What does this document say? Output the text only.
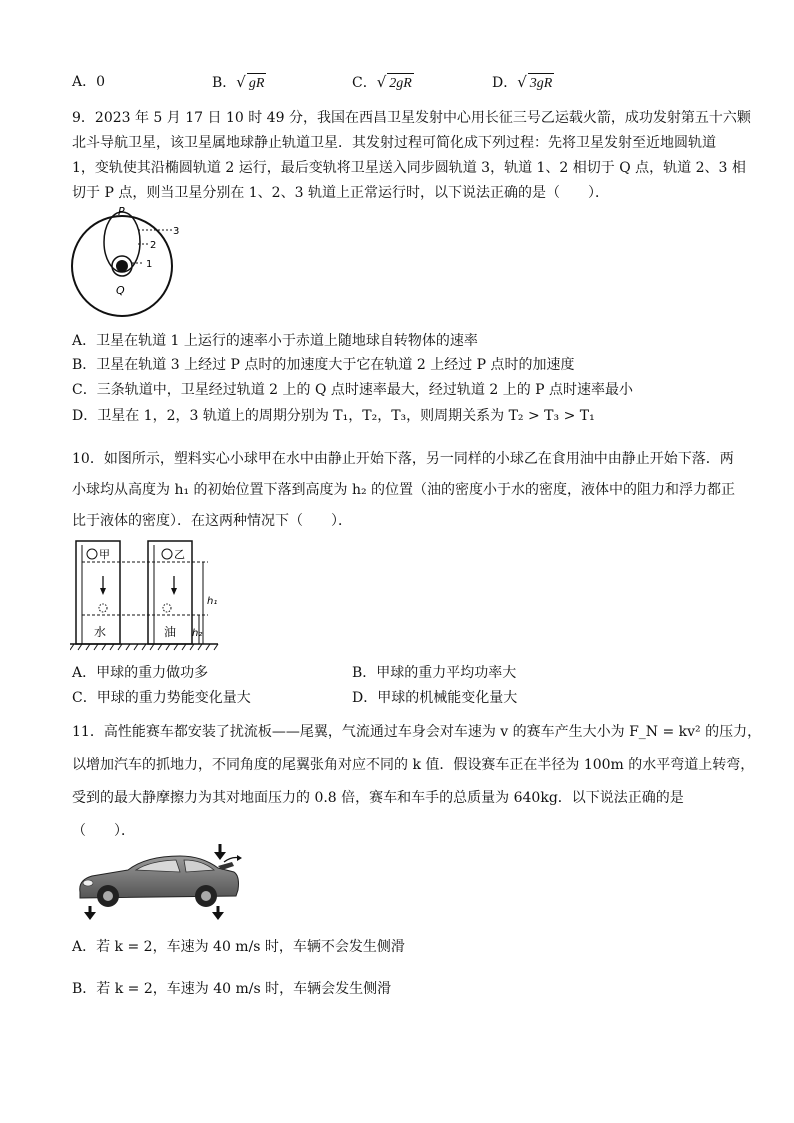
A．0	B．√ gR	C．√ 2gR	D．√ 3gR
9．2023 年 5 月 17 日 10 时 49 分，我国在西昌卫星发射中心用长征三号乙运载火箭，成功发射第五十六颗
北斗导航卫星，该卫星属地球静止轨道卫星．其发射过程可简化成下列过程：先将卫星发射至近地圆轨道
1，变轨使其沿椭圆轨道 2 运行，最后变轨将卫星送入同步圆轨道 3，轨道 1、2 相切于 Q 点，轨道 2、3 相
切于 P 点，则当卫星分别在 1、2、3 轨道上正常运行时，以下说法正确的是（　　）．
P
Q
3
2
1
A．卫星在轨道 1 上运行的速率小于赤道上随地球自转物体的速率
B．卫星在轨道 3 上经过 P 点时的加速度大于它在轨道 2 上经过 P 点时的加速度
C．三条轨道中，卫星经过轨道 2 上的 Q 点时速率最大，经过轨道 2 上的 P 点时速率最小
D．卫星在 1，2，3 轨道上的周期分别为 T₁，T₂，T₃，则周期关系为 T₂ > T₃ > T₁
10．如图所示，塑料实心小球甲在水中由静止开始下落，另一同样的小球乙在食用油中由静止开始下落．两
小球均从高度为 h₁ 的初始位置下落到高度为 h₂ 的位置（油的密度小于水的密度，液体中的阻力和浮力都正
比于液体的密度）．在这两种情况下（　　）．
甲	乙
水	油
h₁
h₂
A．甲球的重力做功多	B．甲球的重力平均功率大
C．甲球的重力势能变化量大	D．甲球的机械能变化量大
11．高性能赛车都安装了扰流板——尾翼，气流通过车身会对车速为 v 的赛车产生大小为 F_N = kv² 的压力，
以增加汽车的抓地力，不同角度的尾翼张角对应不同的 k 值．假设赛车正在半径为 100m 的水平弯道上转弯，
受到的最大静摩擦力为其对地面压力的 0.8 倍，赛车和车手的总质量为 640kg．以下说法正确的是
（　　）．
A．若 k = 2，车速为 40 m/s 时，车辆不会发生侧滑
B．若 k = 2，车速为 40 m/s 时，车辆会发生侧滑
